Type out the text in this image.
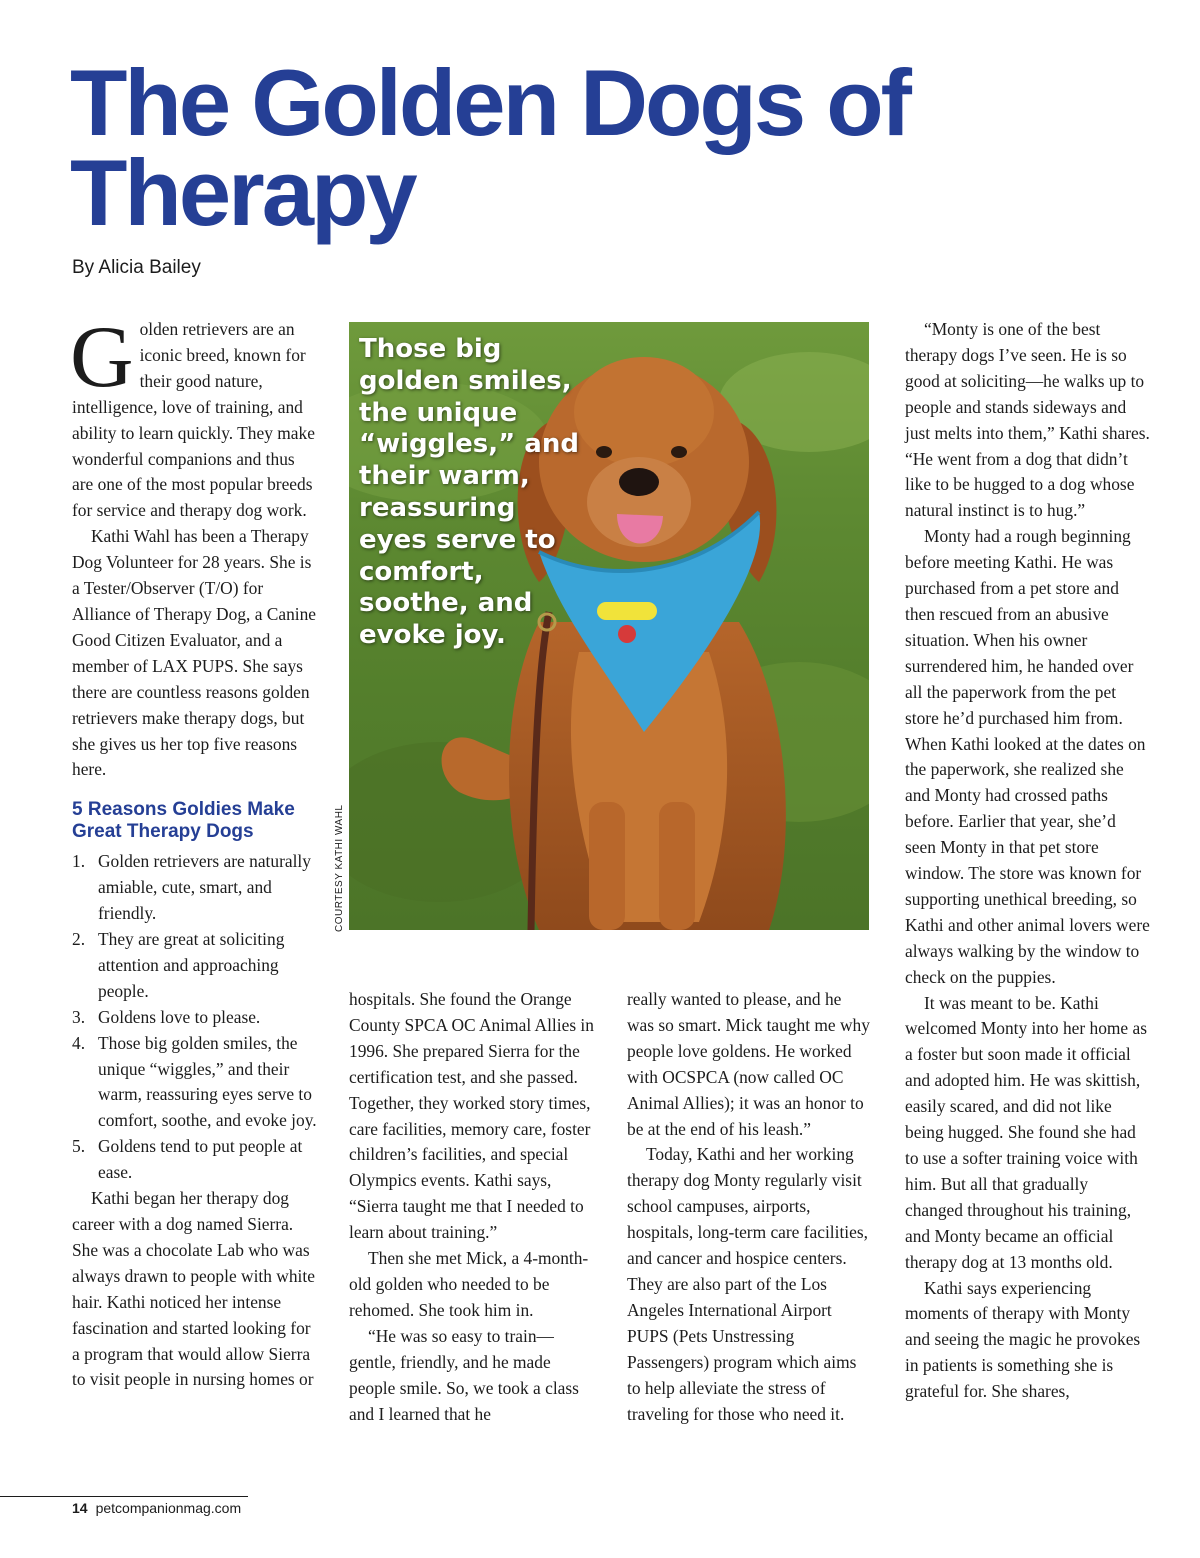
The Golden Dogs of Therapy

By Alicia Bailey

Golden retrievers are an iconic breed, known for their good nature, intelligence, love of training, and ability to learn quickly. They make wonderful companions and thus are one of the most popular breeds for service and therapy dog work.

Kathi Wahl has been a Therapy Dog Volunteer for 28 years. She is a Tester/Observer (T/O) for Alliance of Therapy Dog, a Canine Good Citizen Evaluator, and a member of LAX PUPS. She says there are countless reasons golden retrievers make therapy dogs, but she gives us her top five reasons here.

5 Reasons Goldies Make Great Therapy Dogs
1. Golden retrievers are naturally amiable, cute, smart, and friendly.
2. They are great at soliciting attention and approaching people.
3. Goldens love to please.
4. Those big golden smiles, the unique “wiggles,” and their warm, reassuring eyes serve to comfort, soothe, and evoke joy.
5. Goldens tend to put people at ease.

Kathi began her therapy dog career with a dog named Sierra. She was a chocolate Lab who was always drawn to people with white hair. Kathi noticed her intense fascination and started looking for a program that would allow Sierra to visit people in nursing homes or

Those big golden smiles, the unique “wiggles,” and their warm, reassuring eyes serve to comfort, soothe, and evoke joy.

COURTESY KATHI WAHL

hospitals. She found the Orange County SPCA OC Animal Allies in 1996. She prepared Sierra for the certification test, and she passed. Together, they worked story times, care facilities, memory care, foster children’s facilities, and special Olympics events. Kathi says, “Sierra taught me that I needed to learn about training.”

Then she met Mick, a 4-month-old golden who needed to be rehomed. She took him in.

“He was so easy to train—gentle, friendly, and he made people smile. So, we took a class and I learned that he

really wanted to please, and he was so smart. Mick taught me why people love goldens. He worked with OCSPCA (now called OC Animal Allies); it was an honor to be at the end of his leash.”

Today, Kathi and her working therapy dog Monty regularly visit school campuses, airports, hospitals, long-term care facilities, and cancer and hospice centers. They are also part of the Los Angeles International Airport PUPS (Pets Unstressing Passengers) program which aims to help alleviate the stress of traveling for those who need it.

“Monty is one of the best therapy dogs I’ve seen. He is so good at soliciting—he walks up to people and stands sideways and just melts into them,” Kathi shares. “He went from a dog that didn’t like to be hugged to a dog whose natural instinct is to hug.”

Monty had a rough beginning before meeting Kathi. He was purchased from a pet store and then rescued from an abusive situation. When his owner surrendered him, he handed over all the paperwork from the pet store he’d purchased him from. When Kathi looked at the dates on the paperwork, she realized she and Monty had crossed paths before. Earlier that year, she’d seen Monty in that pet store window. The store was known for supporting unethical breeding, so Kathi and other animal lovers were always walking by the window to check on the puppies.

It was meant to be. Kathi welcomed Monty into her home as a foster but soon made it official and adopted him. He was skittish, easily scared, and did not like being hugged. She found she had to use a softer training voice with him. But all that gradually changed throughout his training, and Monty became an official therapy dog at 13 months old.

Kathi says experiencing moments of therapy with Monty and seeing the magic he provokes in patients is something she is grateful for. She shares,

14 petcompanionmag.com
